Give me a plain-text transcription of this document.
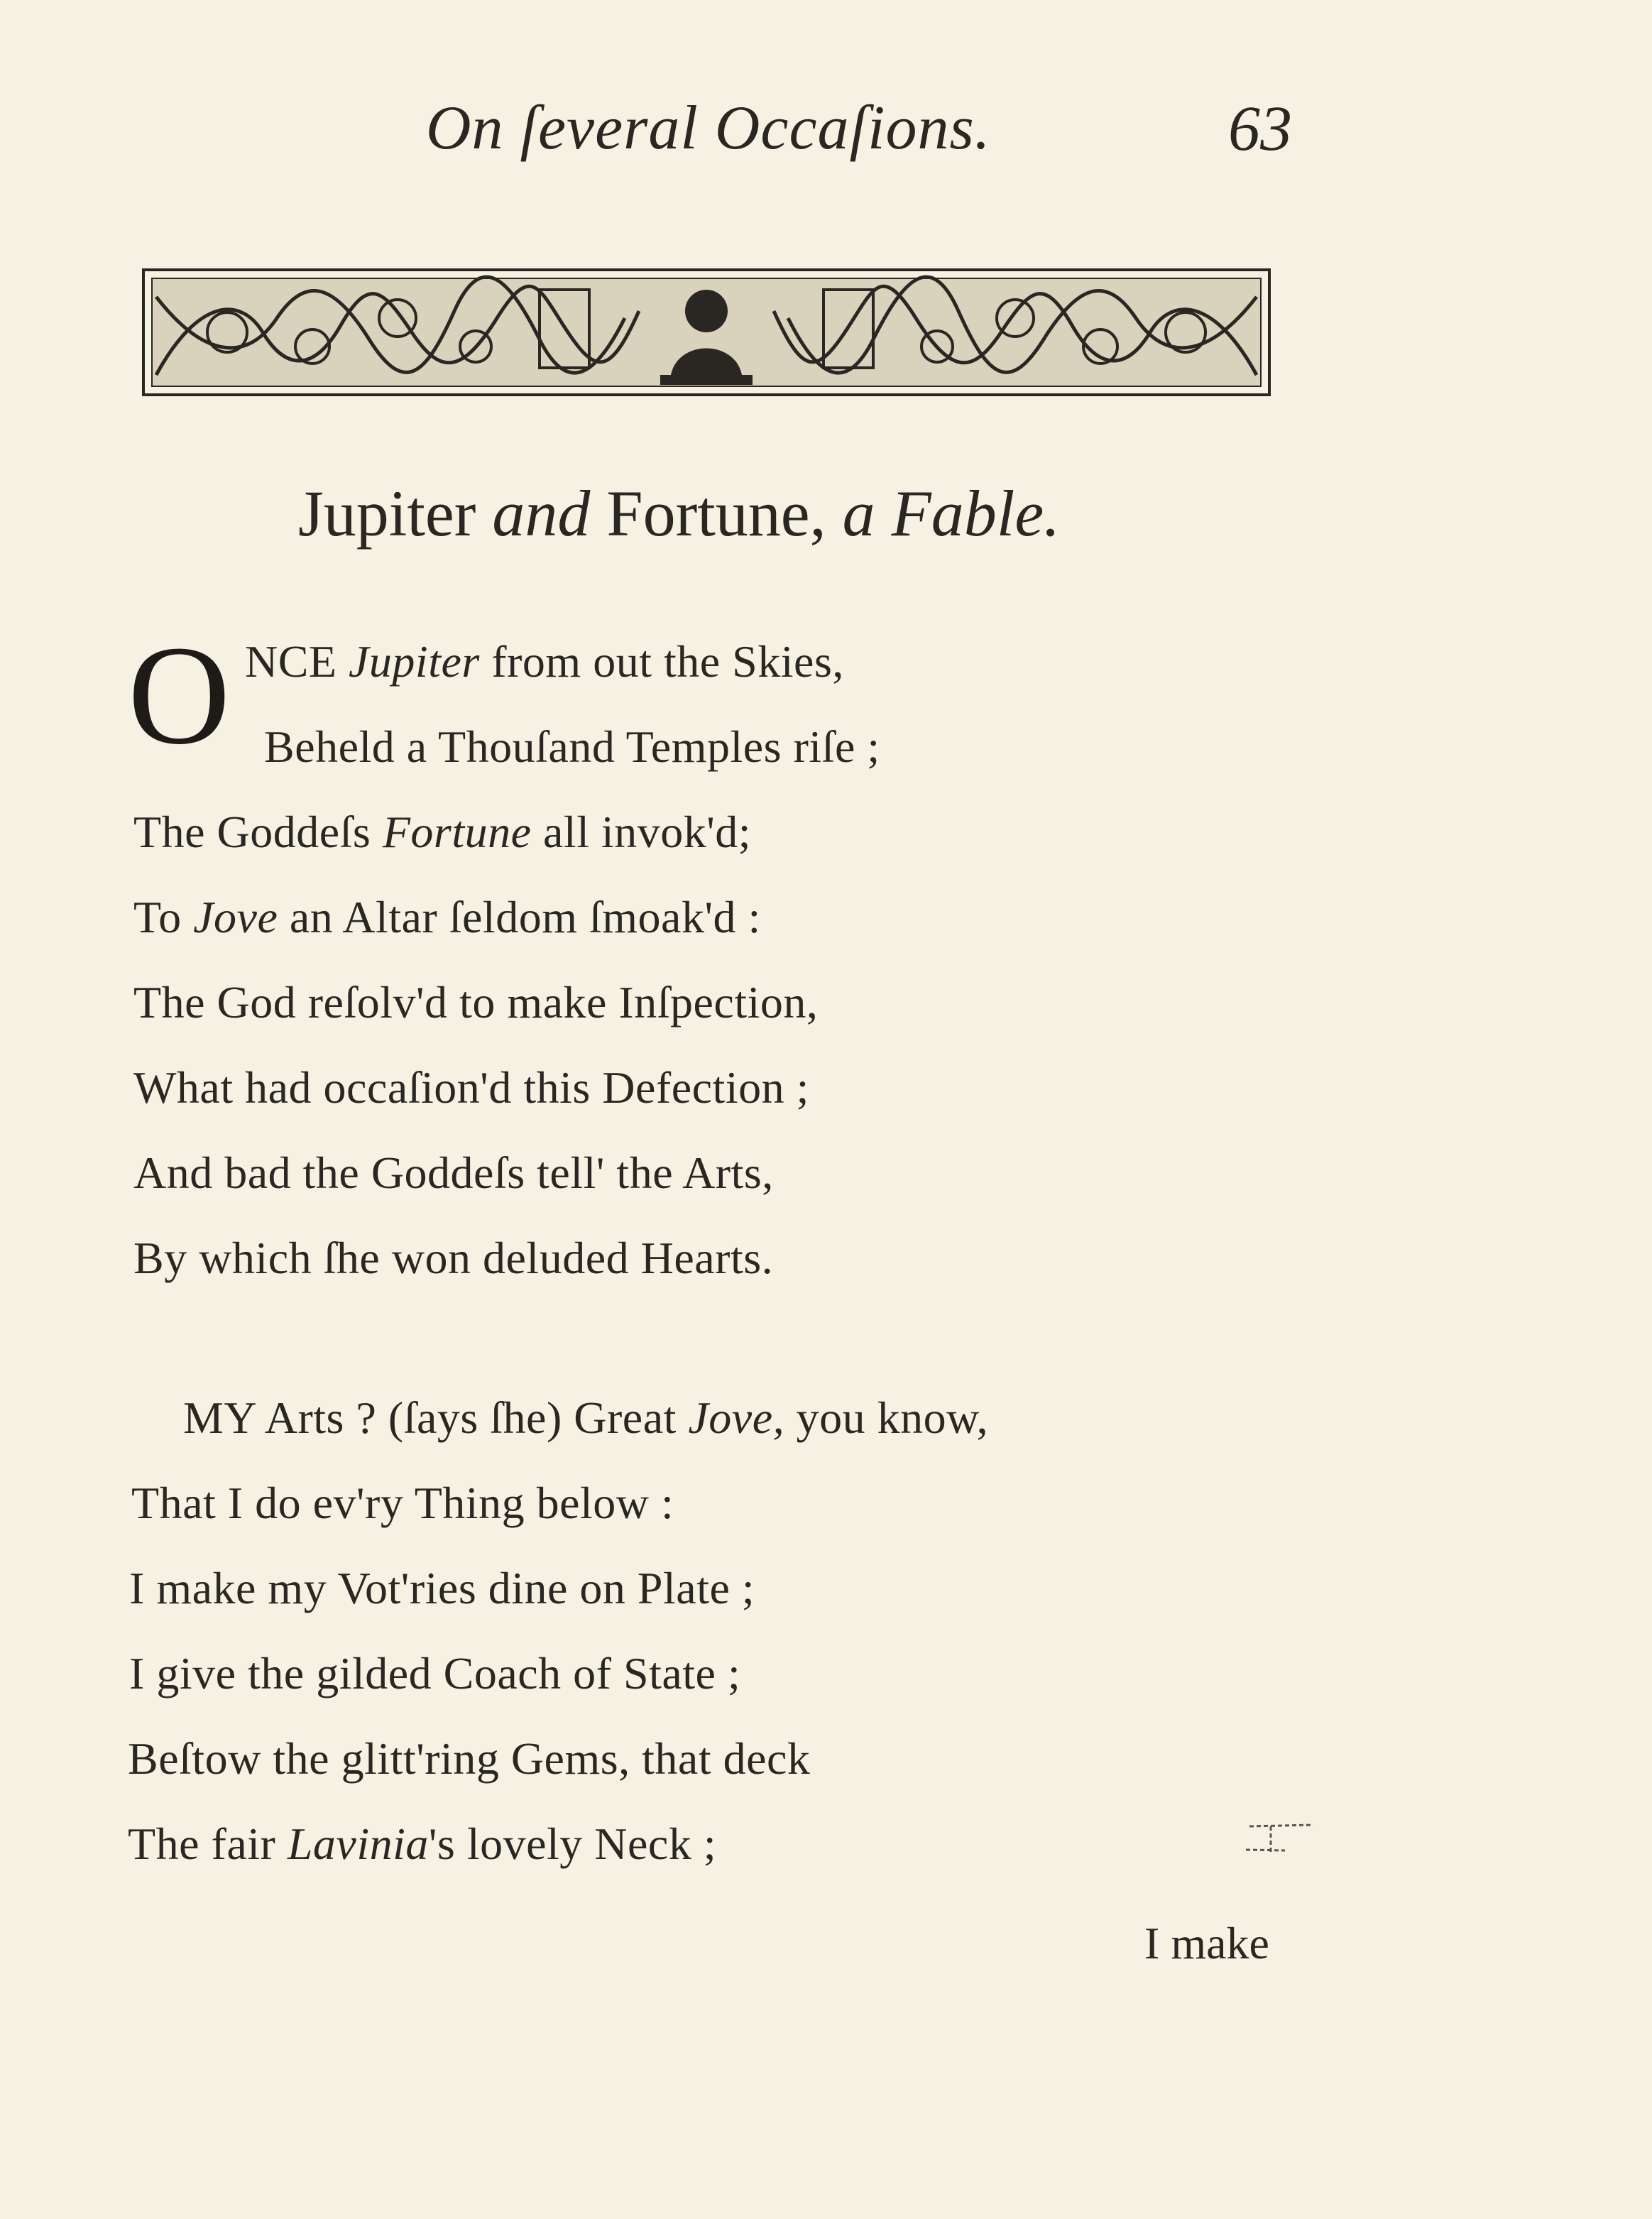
On ſeveral Occaſions.	63
Jupiter and Fortune, a Fable.
O NCE Jupiter from out the Skies,
Beheld a Thouſand Temples riſe ;
The Goddeſs Fortune all invok'd;
To Jove an Altar ſeldom ſmoak'd :
The God reſolv'd to make Inſpection,
What had occaſion'd this Defection ;
And bad the Goddeſs tell' the Arts,
By which ſhe won deluded Hearts.
MY Arts ? (ſays ſhe) Great Jove, you know,
That I do ev'ry Thing below :
I make my Vot'ries dine on Plate ;
I give the gilded Coach of State ;
Beſtow the glitt'ring Gems, that deck
The fair Lavinia's lovely Neck ;
I make
